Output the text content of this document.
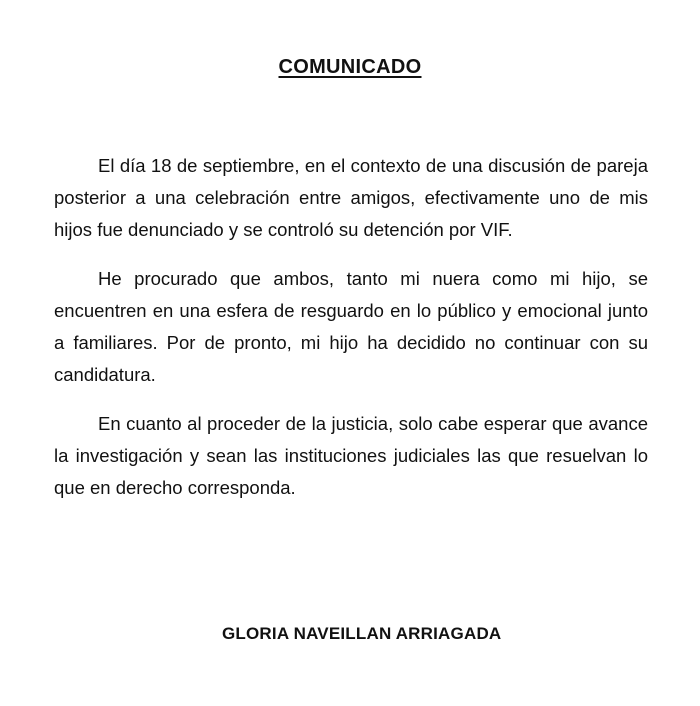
COMUNICADO

El día 18 de septiembre, en el contexto de una discusión de pareja posterior a una celebración entre amigos, efectivamente uno de mis hijos fue denunciado y se controló su detención por VIF.

He procurado que ambos, tanto mi nuera como mi hijo, se encuentren en una esfera de resguardo en lo público y emocional junto a familiares. Por de pronto, mi hijo ha decidido no continuar con su candidatura.

En cuanto al proceder de la justicia, solo cabe esperar que avance la investigación y sean las instituciones judiciales las que resuelvan lo que en derecho corresponda.

GLORIA NAVEILLAN ARRIAGADA
